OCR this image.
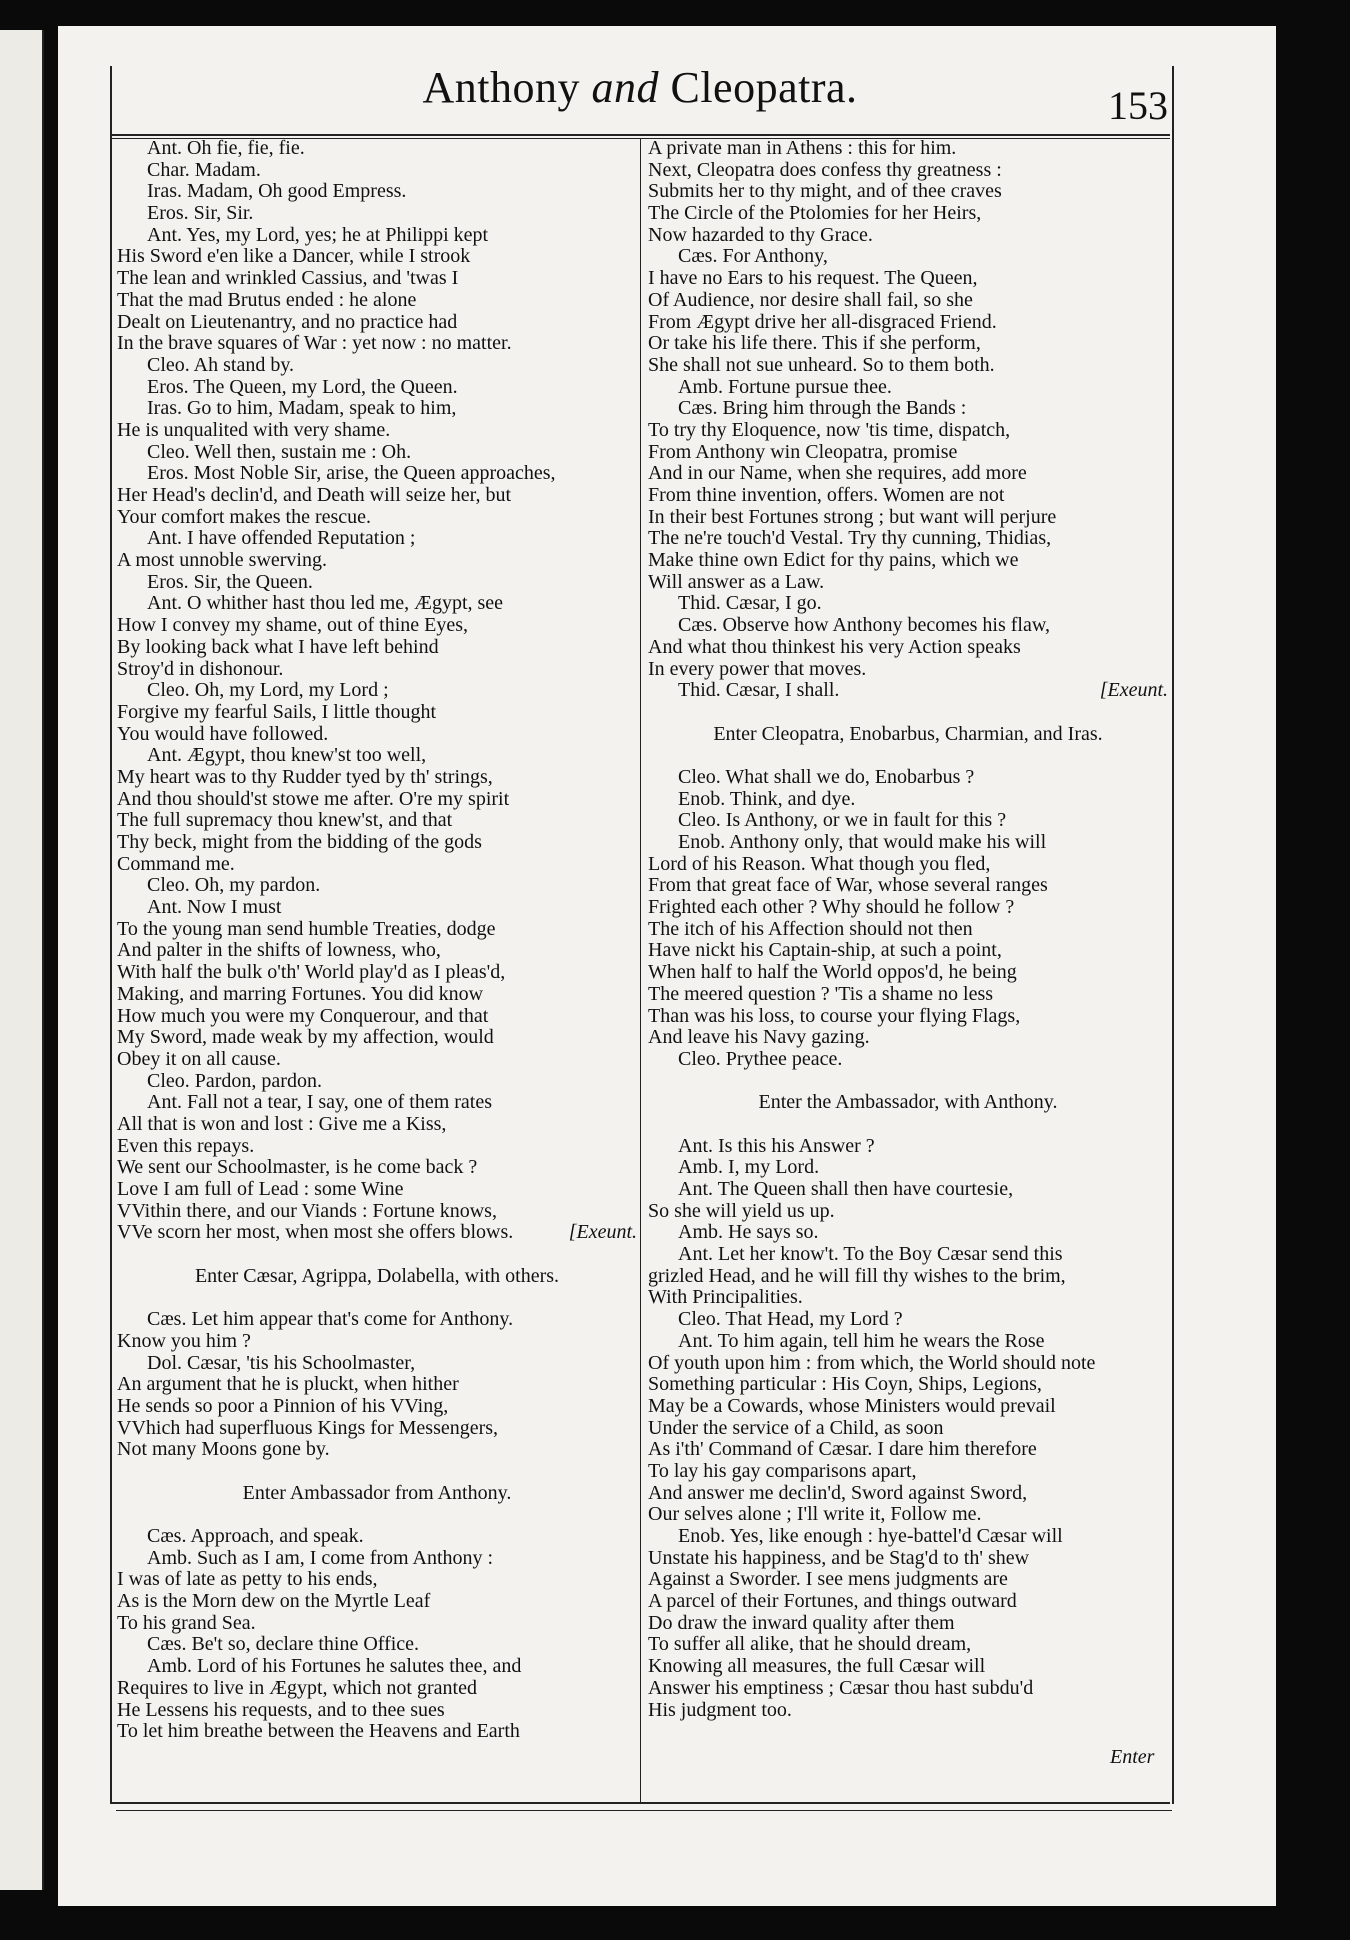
Anthony and Cleopatra.	153
Ant. Oh fie, fie, fie.
Char. Madam.
Iras. Madam, Oh good Empress.
Eros. Sir, Sir.
Ant. Yes, my Lord, yes; he at Philippi kept
His Sword e'en like a Dancer, while I strook
The lean and wrinkled Cassius, and 'twas I
That the mad Brutus ended : he alone
Dealt on Lieutenantry, and no practice had
In the brave squares of War : yet now : no matter.
Cleo. Ah stand by.
Eros. The Queen, my Lord, the Queen.
Iras. Go to him, Madam, speak to him,
He is unqualited with very shame.
Cleo. Well then, sustain me : Oh.
Eros. Most Noble Sir, arise, the Queen approaches,
Her Head's declin'd, and Death will seize her, but
Your comfort makes the rescue.
Ant. I have offended Reputation ;
A most unnoble swerving.
Eros. Sir, the Queen.
Ant. O whither hast thou led me, Ægypt, see
How I convey my shame, out of thine Eyes,
By looking back what I have left behind
Stroy'd in dishonour.
Cleo. Oh, my Lord, my Lord ;
Forgive my fearful Sails, I little thought
You would have followed.
Ant. Ægypt, thou knew'st too well,
My heart was to thy Rudder tyed by th' strings,
And thou should'st stowe me after. O're my spirit
The full supremacy thou knew'st, and that
Thy beck, might from the bidding of the gods
Command me.
Cleo. Oh, my pardon.
Ant. Now I must
To the young man send humble Treaties, dodge
And palter in the shifts of lowness, who,
With half the bulk o'th' World play'd as I pleas'd,
Making, and marring Fortunes. You did know
How much you were my Conquerour, and that
My Sword, made weak by my affection, would
Obey it on all cause.
Cleo. Pardon, pardon.
Ant. Fall not a tear, I say, one of them rates
All that is won and lost : Give me a Kiss,
Even this repays.
We sent our Schoolmaster, is he come back ?
Love I am full of Lead : some Wine
VVithin there, and our Viands : Fortune knows,
VVe scorn her most, when most she offers blows.	[Exeunt.
Enter Cæsar, Agrippa, Dolabella, with others.
Cæs. Let him appear that's come for Anthony.
Know you him ?
Dol. Cæsar, 'tis his Schoolmaster,
An argument that he is pluckt, when hither
He sends so poor a Pinnion of his VVing,
VVhich had superfluous Kings for Messengers,
Not many Moons gone by.
Enter Ambassador from Anthony.
Cæs. Approach, and speak.
Amb. Such as I am, I come from Anthony :
I was of late as petty to his ends,
As is the Morn dew on the Myrtle Leaf
To his grand Sea.
Cæs. Be't so, declare thine Office.
Amb. Lord of his Fortunes he salutes thee, and
Requires to live in Ægypt, which not granted
He Lessens his requests, and to thee sues
To let him breathe between the Heavens and Earth
A private man in Athens : this for him.
Next, Cleopatra does confess thy greatness :
Submits her to thy might, and of thee craves
The Circle of the Ptolomies for her Heirs,
Now hazarded to thy Grace.
Cæs. For Anthony,
I have no Ears to his request. The Queen,
Of Audience, nor desire shall fail, so she
From Ægypt drive her all-disgraced Friend.
Or take his life there. This if she perform,
She shall not sue unheard. So to them both.
Amb. Fortune pursue thee.
Cæs. Bring him through the Bands :
To try thy Eloquence, now 'tis time, dispatch,
From Anthony win Cleopatra, promise
And in our Name, when she requires, add more
From thine invention, offers. Women are not
In their best Fortunes strong ; but want will perjure
The ne're touch'd Vestal. Try thy cunning, Thidias,
Make thine own Edict for thy pains, which we
Will answer as a Law.
Thid. Cæsar, I go.
Cæs. Observe how Anthony becomes his flaw,
And what thou thinkest his very Action speaks
In every power that moves.
Thid. Cæsar, I shall.	[Exeunt.
Enter Cleopatra, Enobarbus, Charmian, and Iras.
Cleo. What shall we do, Enobarbus ?
Enob. Think, and dye.
Cleo. Is Anthony, or we in fault for this ?
Enob. Anthony only, that would make his will
Lord of his Reason. What though you fled,
From that great face of War, whose several ranges
Frighted each other ? Why should he follow ?
The itch of his Affection should not then
Have nickt his Captain-ship, at such a point,
When half to half the World oppos'd, he being
The meered question ? 'Tis a shame no less
Than was his loss, to course your flying Flags,
And leave his Navy gazing.
Cleo. Prythee peace.
Enter the Ambassador, with Anthony.
Ant. Is this his Answer ?
Amb. I, my Lord.
Ant. The Queen shall then have courtesie,
So she will yield us up.
Amb. He says so.
Ant. Let her know't. To the Boy Cæsar send this
grizled Head, and he will fill thy wishes to the brim,
With Principalities.
Cleo. That Head, my Lord ?
Ant. To him again, tell him he wears the Rose
Of youth upon him : from which, the World should note
Something particular : His Coyn, Ships, Legions,
May be a Cowards, whose Ministers would prevail
Under the service of a Child, as soon
As i'th' Command of Cæsar. I dare him therefore
To lay his gay comparisons apart,
And answer me declin'd, Sword against Sword,
Our selves alone ; I'll write it, Follow me.
Enob. Yes, like enough : hye-battel'd Cæsar will
Unstate his happiness, and be Stag'd to th' shew
Against a Sworder. I see mens judgments are
A parcel of their Fortunes, and things outward
Do draw the inward quality after them
To suffer all alike, that he should dream,
Knowing all measures, the full Cæsar will
Answer his emptiness ; Cæsar thou hast subdu'd
His judgment too.
Enter
